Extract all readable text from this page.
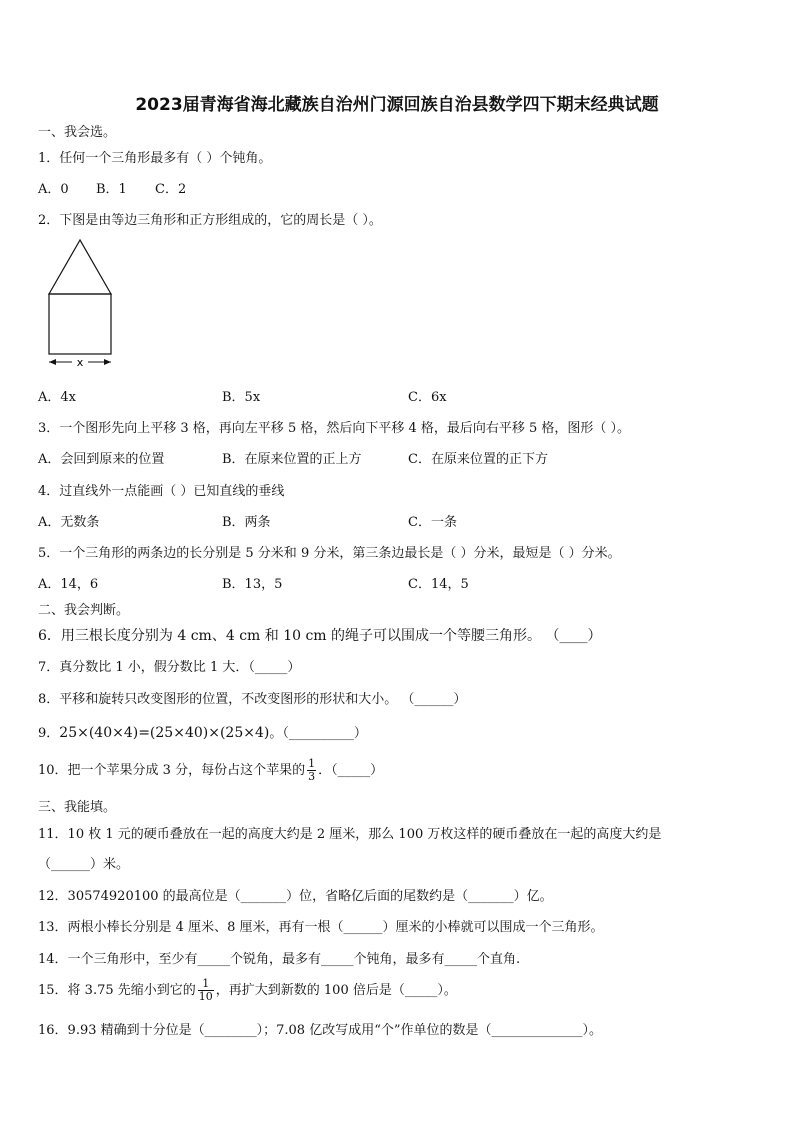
2023届青海省海北藏族自治州门源回族自治县数学四下期末经典试题
一、我会选。
1．任何一个三角形最多有（ ）个钝角。
A．0 B．1 C．2
2．下图是由等边三角形和正方形组成的，它的周长是（ ）。
x
A．4x	B．5x	C．6x
3．一个图形先向上平移 3 格，再向左平移 5 格，然后向下平移 4 格，最后向右平移 5 格，图形（ ）。
A．会回到原来的位置	B．在原来位置的正上方	C．在原来位置的正下方
4．过直线外一点能画（ ）已知直线的垂线
A．无数条	B．两条	C．一条
5．一个三角形的两条边的长分别是 5 分米和 9 分米，第三条边最长是（ ）分米，最短是（ ）分米。
A．14，6	B．13，5	C．14，5
二、我会判断。
6．用三根长度分别为 4 cm、4 cm 和 10 cm 的绳子可以围成一个等腰三角形。 （____）
7．真分数比 1 小，假分数比 1 大．（_____）
8．平移和旋转只改变图形的位置，不改变图形的形状和大小。 （______）
9．25×(40×4)=(25×40)×(25×4)。（__________）
10．把一个苹果分成 3 分，每份占这个苹果的 $\frac{1}{3}$ ．（_____）
三、我能填。
11．10 枚 1 元的硬币叠放在一起的高度大约是 2 厘米，那么 100 万枚这样的硬币叠放在一起的高度大约是
（______）米。
12．30574920100 的最高位是（_______）位，省略亿后面的尾数约是（_______）亿。
13．两根小棒长分别是 4 厘米、8 厘米，再有一根（______）厘米的小棒就可以围成一个三角形。
14．一个三角形中，至少有_____个锐角，最多有_____个钝角，最多有_____个直角.
15．将 3.75 先缩小到它的 $\frac{1}{10}$ ，再扩大到新数的 100 倍后是（_____）。
16．9.93 精确到十分位是（________）；7.08 亿改写成用“个”作单位的数是（______________）。
